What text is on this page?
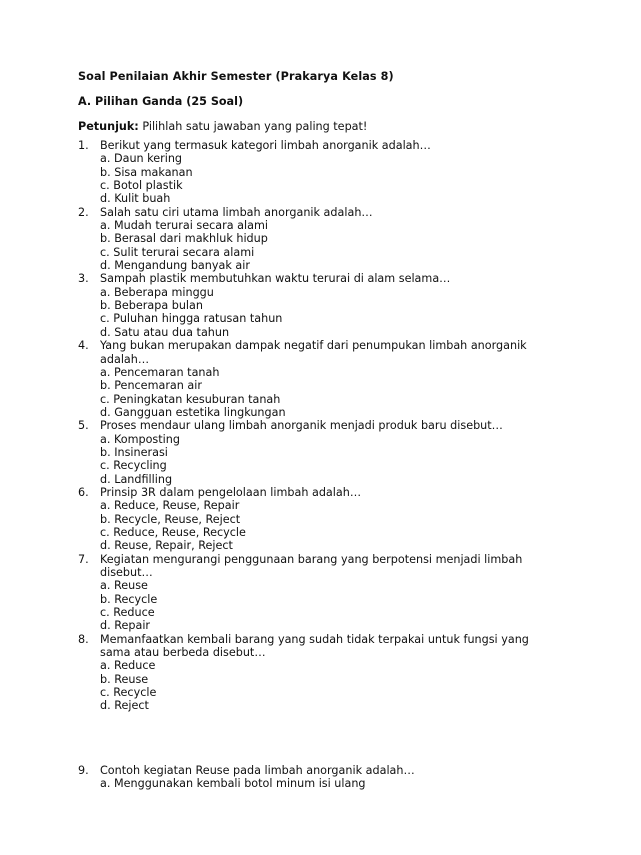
Soal Penilaian Akhir Semester (Prakarya Kelas 8)
A. Pilihan Ganda (25 Soal)
Petunjuk: Pilihlah satu jawaban yang paling tepat!
1.	Berikut yang termasuk kategori limbah anorganik adalah…
a. Daun kering
b. Sisa makanan
c. Botol plastik
d. Kulit buah
2.	Salah satu ciri utama limbah anorganik adalah…
a. Mudah terurai secara alami
b. Berasal dari makhluk hidup
c. Sulit terurai secara alami
d. Mengandung banyak air
3.	Sampah plastik membutuhkan waktu terurai di alam selama…
a. Beberapa minggu
b. Beberapa bulan
c. Puluhan hingga ratusan tahun
d. Satu atau dua tahun
4.	Yang bukan merupakan dampak negatif dari penumpukan limbah anorganik adalah…
a. Pencemaran tanah
b. Pencemaran air
c. Peningkatan kesuburan tanah
d. Gangguan estetika lingkungan
5.	Proses mendaur ulang limbah anorganik menjadi produk baru disebut…
a. Komposting
b. Insinerasi
c. Recycling
d. Landfilling
6.	Prinsip 3R dalam pengelolaan limbah adalah…
a. Reduce, Reuse, Repair
b. Recycle, Reuse, Reject
c. Reduce, Reuse, Recycle
d. Reuse, Repair, Reject
7.	Kegiatan mengurangi penggunaan barang yang berpotensi menjadi limbah disebut…
a. Reuse
b. Recycle
c. Reduce
d. Repair
8.	Memanfaatkan kembali barang yang sudah tidak terpakai untuk fungsi yang sama atau berbeda disebut…
a. Reduce
b. Reuse
c. Recycle
d. Reject
9.	Contoh kegiatan Reuse pada limbah anorganik adalah…
a. Menggunakan kembali botol minum isi ulang
